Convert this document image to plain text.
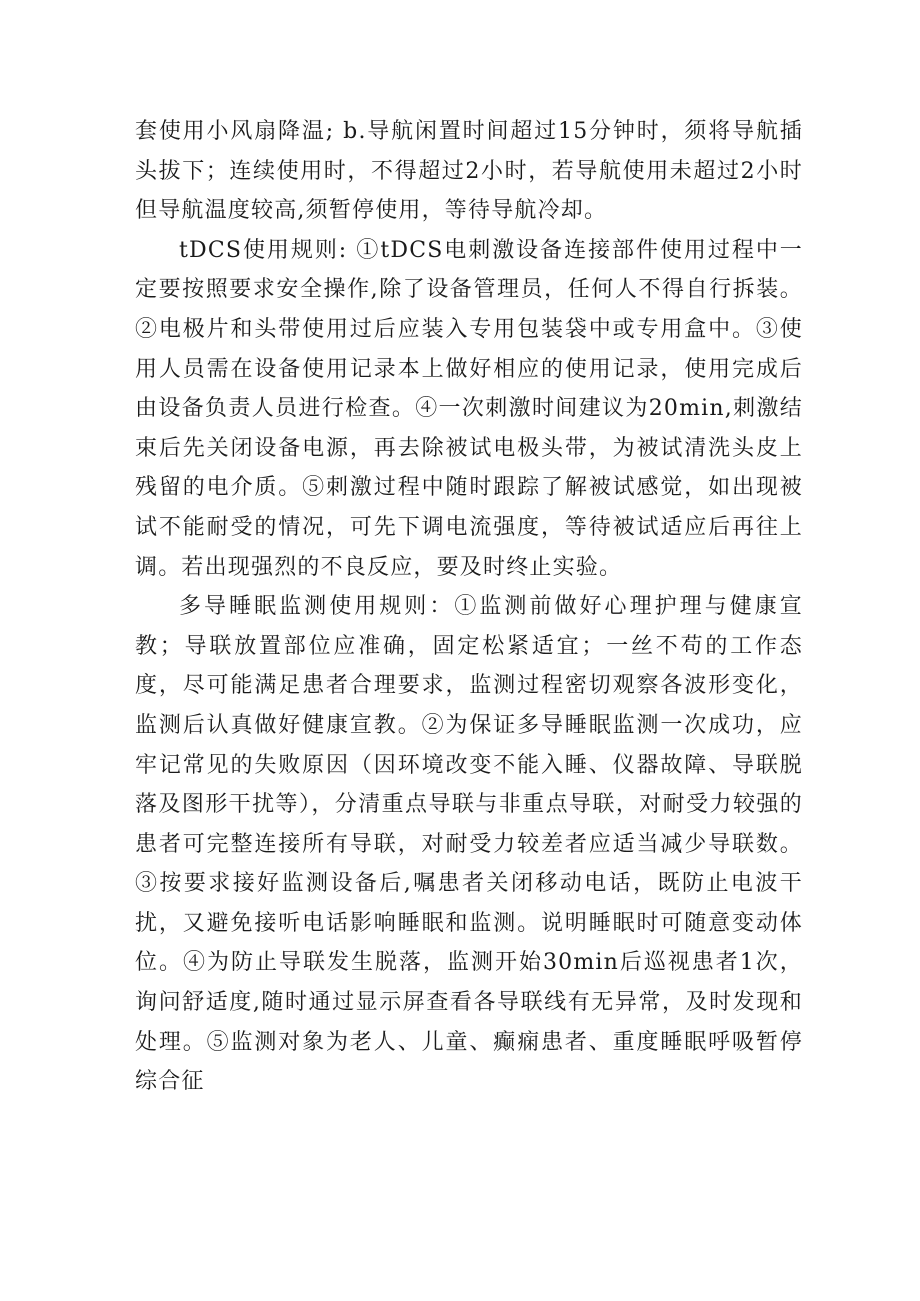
套使用小风扇降温; b.导航闲置时间超过15分钟时，须将导航插头拔下；连续使用时，不得超过2小时，若导航使用未超过2小时但导航温度较高,须暂停使用，等待导航冷却。

tDCS使用规则: ①tDCS电刺激设备连接部件使用过程中一定要按照要求安全操作,除了设备管理员，任何人不得自行拆装。②电极片和头带使用过后应装入专用包装袋中或专用盒中。③使用人员需在设备使用记录本上做好相应的使用记录，使用完成后由设备负责人员进行检查。④一次刺激时间建议为20min,刺激结束后先关闭设备电源，再去除被试电极头带，为被试清洗头皮上残留的电介质。⑤刺激过程中随时跟踪了解被试感觉，如出现被试不能耐受的情况，可先下调电流强度，等待被试适应后再往上调。若出现强烈的不良反应，要及时终止实验。

多导睡眠监测使用规则：①监测前做好心理护理与健康宣教；导联放置部位应准确，固定松紧适宜；一丝不苟的工作态度，尽可能满足患者合理要求，监测过程密切观察各波形变化，监测后认真做好健康宣教。②为保证多导睡眠监测一次成功，应牢记常见的失败原因（因环境改变不能入睡、仪器故障、导联脱落及图形干扰等），分清重点导联与非重点导联，对耐受力较强的患者可完整连接所有导联，对耐受力较差者应适当减少导联数。③按要求接好监测设备后,嘱患者关闭移动电话，既防止电波干扰，又避免接听电话影响睡眠和监测。说明睡眠时可随意变动体位。④为防止导联发生脱落，监测开始30min后巡视患者1次，询问舒适度,随时通过显示屏查看各导联线有无异常，及时发现和处理。⑤监测对象为老人、儿童、癫痫患者、重度睡眠呼吸暂停综合征
